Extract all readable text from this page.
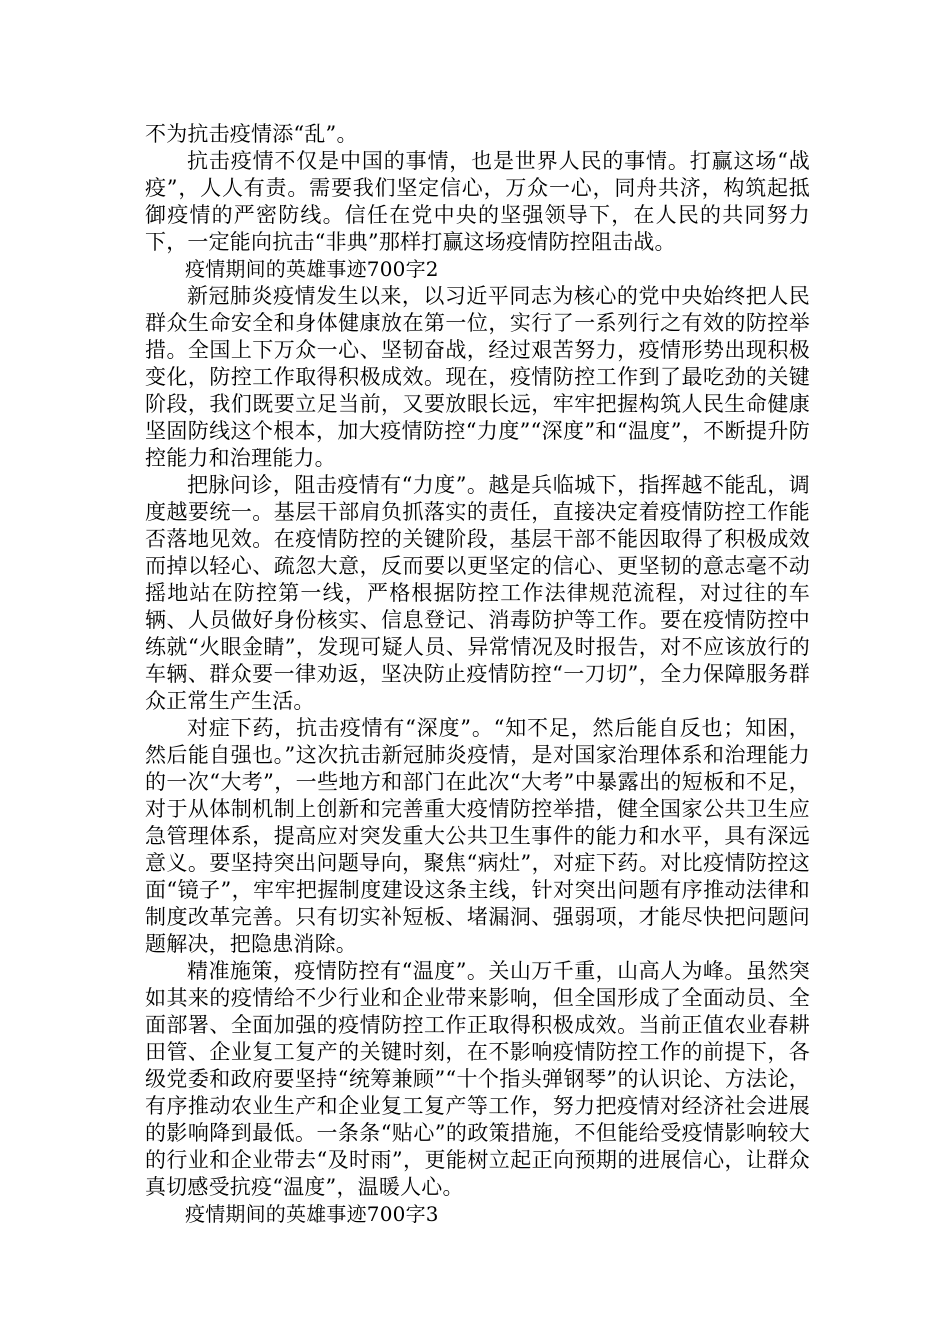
不为抗击疫情添“乱”。

抗击疫情不仅是中国的事情，也是世界人民的事情。打赢这场“战疫”，人人有责。需要我们坚定信心，万众一心，同舟共济，构筑起抵御疫情的严密防线。信任在党中央的坚强领导下，在人民的共同努力下，一定能向抗击“非典”那样打赢这场疫情防控阻击战。

疫情期间的英雄事迹700字2

新冠肺炎疫情发生以来，以习近平同志为核心的党中央始终把人民群众生命安全和身体健康放在第一位，实行了一系列行之有效的防控举措。全国上下万众一心、坚韧奋战，经过艰苦努力，疫情形势出现积极变化，防控工作取得积极成效。现在，疫情防控工作到了最吃劲的关键阶段，我们既要立足当前，又要放眼长远，牢牢把握构筑人民生命健康坚固防线这个根本，加大疫情防控“力度”“深度”和“温度”，不断提升防控能力和治理能力。

把脉问诊，阻击疫情有“力度”。越是兵临城下，指挥越不能乱，调度越要统一。基层干部肩负抓落实的责任，直接决定着疫情防控工作能否落地见效。在疫情防控的关键阶段，基层干部不能因取得了积极成效而掉以轻心、疏忽大意，反而要以更坚定的信心、更坚韧的意志毫不动摇地站在防控第一线，严格根据防控工作法律规范流程，对过往的车辆、人员做好身份核实、信息登记、消毒防护等工作。要在疫情防控中练就“火眼金睛”，发现可疑人员、异常情况及时报告，对不应该放行的车辆、群众要一律劝返，坚决防止疫情防控“一刀切”，全力保障服务群众正常生产生活。

对症下药，抗击疫情有“深度”。“知不足，然后能自反也；知困，然后能自强也。”这次抗击新冠肺炎疫情，是对国家治理体系和治理能力的一次“大考”，一些地方和部门在此次“大考”中暴露出的短板和不足，对于从体制机制上创新和完善重大疫情防控举措，健全国家公共卫生应急管理体系，提高应对突发重大公共卫生事件的能力和水平，具有深远意义。要坚持突出问题导向，聚焦“病灶”，对症下药。对比疫情防控这面“镜子”，牢牢把握制度建设这条主线，针对突出问题有序推动法律和制度改革完善。只有切实补短板、堵漏洞、强弱项，才能尽快把问题问题解决，把隐患消除。

精准施策，疫情防控有“温度”。关山万千重，山高人为峰。虽然突如其来的疫情给不少行业和企业带来影响，但全国形成了全面动员、全面部署、全面加强的疫情防控工作正取得积极成效。当前正值农业春耕田管、企业复工复产的关键时刻，在不影响疫情防控工作的前提下，各级党委和政府要坚持“统筹兼顾”“十个指头弹钢琴”的认识论、方法论，有序推动农业生产和企业复工复产等工作，努力把疫情对经济社会进展的影响降到最低。一条条“贴心”的政策措施，不但能给受疫情影响较大的行业和企业带去“及时雨”，更能树立起正向预期的进展信心，让群众真切感受抗疫“温度”，温暖人心。

疫情期间的英雄事迹700字3
